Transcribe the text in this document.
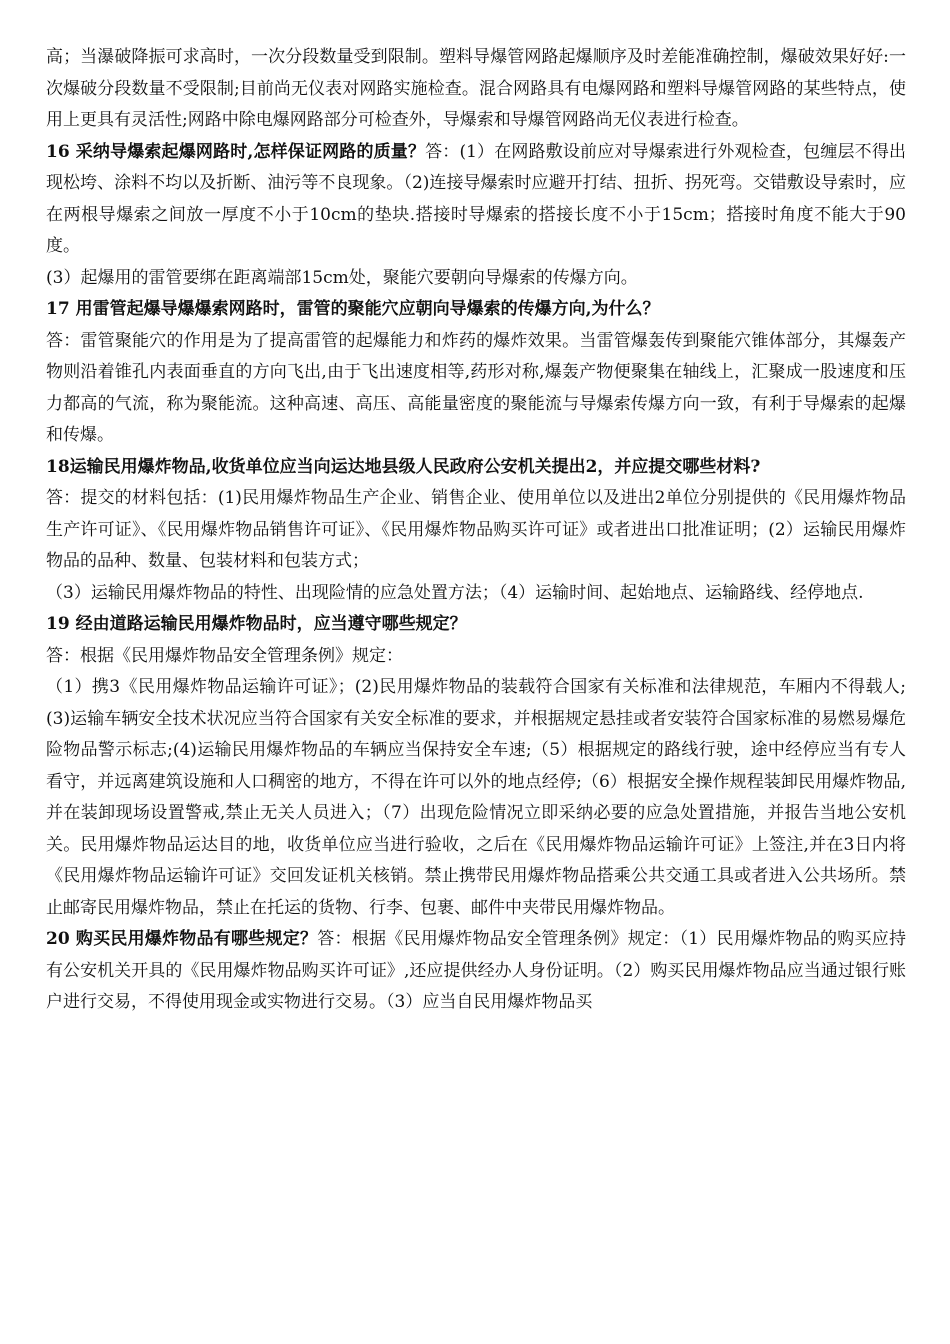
高；当瀑破降振可求高时，一次分段数量受到限制。塑料导爆管网路起爆顺序及时差能准确控制，爆破效果好好:一次爆破分段数量不受限制;目前尚无仪表对网路实施检查。混合网路具有电爆网路和塑料导爆管网路的某些特点，使用上更具有灵活性;网路中除电爆网路部分可检查外，导爆索和导爆管网路尚无仪表进行检查。

16 采纳导爆索起爆网路时,怎样保证网路的质量？答：(1）在网路敷设前应对导爆索进行外观检查，包缠层不得出现松垮、涂料不均以及折断、油污等不良现象。（2)连接导爆索时应避开打结、扭折、拐死弯。交错敷设导索时，应在两根导爆索之间放一厚度不小于10cm的垫块.搭接时导爆索的搭接长度不小于15cm；搭接时角度不能大于90度。

(3）起爆用的雷管要绑在距离端部15cm处，聚能穴要朝向导爆索的传爆方向。

17 用雷管起爆导爆爆索网路时，雷管的聚能穴应朝向导爆索的传爆方向,为什么？

答：雷管聚能穴的作用是为了提高雷管的起爆能力和炸药的爆炸效果。当雷管爆轰传到聚能穴锥体部分，其爆轰产物则沿着锥孔内表面垂直的方向飞出,由于飞出速度相等,药形对称,爆轰产物便聚集在轴线上，汇聚成一股速度和压力都高的气流，称为聚能流。这种高速、高压、高能量密度的聚能流与导爆索传爆方向一致，有利于导爆索的起爆和传爆。

18运输民用爆炸物品,收货单位应当向运达地县级人民政府公安机关提出2，并应提交哪些材料?

答：提交的材料包括：(1)民用爆炸物品生产企业、销售企业、使用单位以及进出2单位分别提供的《民用爆炸物品生产许可证》、《民用爆炸物品销售许可证》、《民用爆炸物品购买许可证》或者进出口批准证明；(2）运输民用爆炸物品的品种、数量、包装材料和包装方式；

（3）运输民用爆炸物品的特性、出现险情的应急处置方法；（4）运输时间、起始地点、运输路线、经停地点.

19 经由道路运输民用爆炸物品时，应当遵守哪些规定？

答：根据《民用爆炸物品安全管理条例》规定：

（1）携3《民用爆炸物品运输许可证》；(2)民用爆炸物品的装载符合国家有关标准和法律规范，车厢内不得载人;(3)运输车辆安全技术状况应当符合国家有关安全标准的要求，并根据规定悬挂或者安装符合国家标准的易燃易爆危险物品警示标志;(4)运输民用爆炸物品的车辆应当保持安全车速;（5）根据规定的路线行驶，途中经停应当有专人看守，并远离建筑设施和人口稠密的地方，不得在许可以外的地点经停;（6）根据安全操作规程装卸民用爆炸物品,并在装卸现场设置警戒,禁止无关人员进入；（7）出现危险情况立即采纳必要的应急处置措施，并报告当地公安机关。民用爆炸物品运达目的地，收货单位应当进行验收，之后在《民用爆炸物品运输许可证》上签注,并在3日内将《民用爆炸物品运输许可证》交回发证机关核销。禁止携带民用爆炸物品搭乘公共交通工具或者进入公共场所。禁止邮寄民用爆炸物品，禁止在托运的货物、行李、包裹、邮件中夹带民用爆炸物品。

20 购买民用爆炸物品有哪些规定？答：根据《民用爆炸物品安全管理条例》规定：（1）民用爆炸物品的购买应持有公安机关开具的《民用爆炸物品购买许可证》,还应提供经办人身份证明。（2）购买民用爆炸物品应当通过银行账户进行交易，不得使用现金或实物进行交易。（3）应当自民用爆炸物品买
